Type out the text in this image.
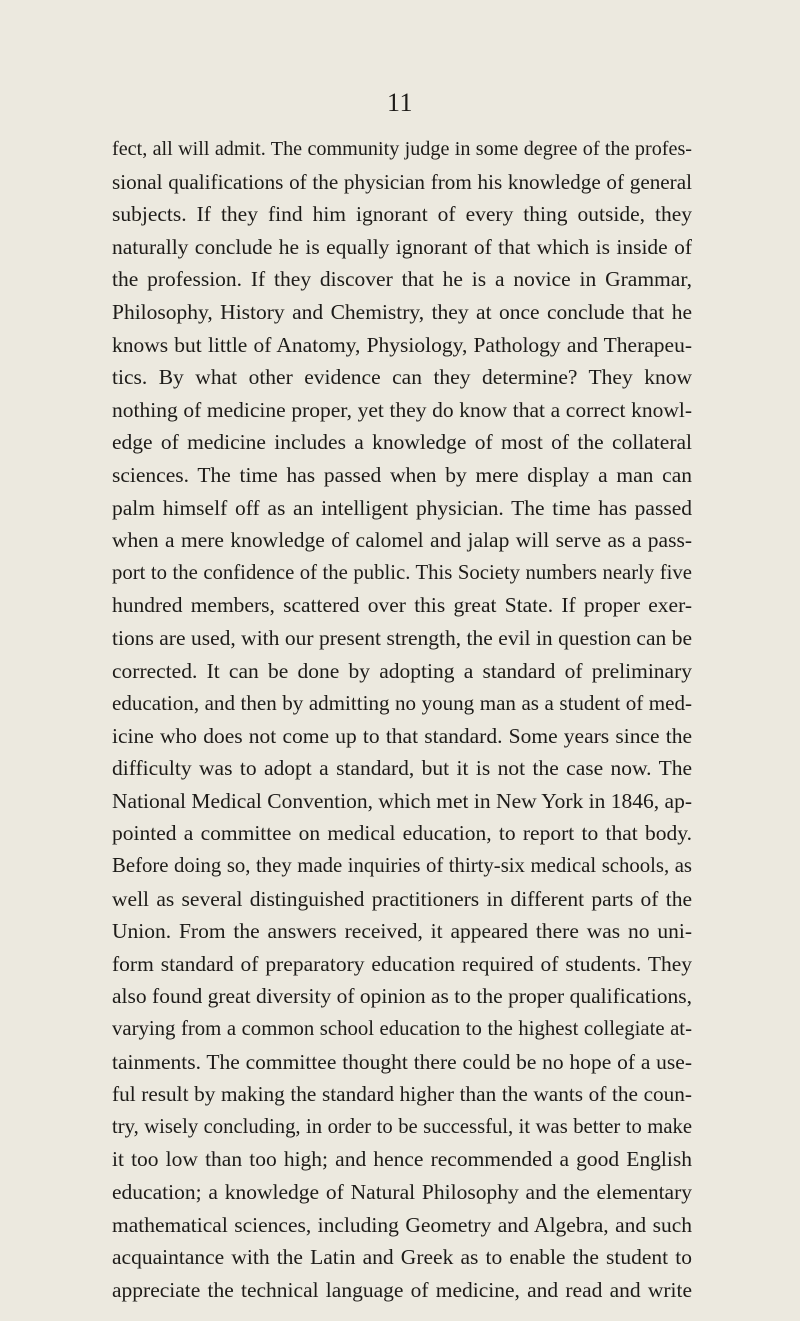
11
fect, all will admit. The community judge in some degree of the profes-
sional qualifications of the physician from his knowledge of general
subjects. If they find him ignorant of every thing outside, they
naturally conclude he is equally ignorant of that which is inside of
the profession. If they discover that he is a novice in Grammar,
Philosophy, History and Chemistry, they at once conclude that he
knows but little of Anatomy, Physiology, Pathology and Therapeu-
tics. By what other evidence can they determine? They know
nothing of medicine proper, yet they do know that a correct knowl-
edge of medicine includes a knowledge of most of the collateral
sciences. The time has passed when by mere display a man can
palm himself off as an intelligent physician. The time has passed
when a mere knowledge of calomel and jalap will serve as a pass-
port to the confidence of the public. This Society numbers nearly five
hundred members, scattered over this great State. If proper exer-
tions are used, with our present strength, the evil in question can be
corrected. It can be done by adopting a standard of preliminary
education, and then by admitting no young man as a student of med-
icine who does not come up to that standard. Some years since the
difficulty was to adopt a standard, but it is not the case now. The
National Medical Convention, which met in New York in 1846, ap-
pointed a committee on medical education, to report to that body.
Before doing so, they made inquiries of thirty-six medical schools, as
well as several distinguished practitioners in different parts of the
Union. From the answers received, it appeared there was no uni-
form standard of preparatory education required of students. They
also found great diversity of opinion as to the proper qualifications,
varying from a common school education to the highest collegiate at-
tainments. The committee thought there could be no hope of a use-
ful result by making the standard higher than the wants of the coun-
try, wisely concluding, in order to be successful, it was better to make
it too low than too high; and hence recommended a good English
education; a knowledge of Natural Philosophy and the elementary
mathematical sciences, including Geometry and Algebra, and such
acquaintance with the Latin and Greek as to enable the student to
appreciate the technical language of medicine, and read and write
